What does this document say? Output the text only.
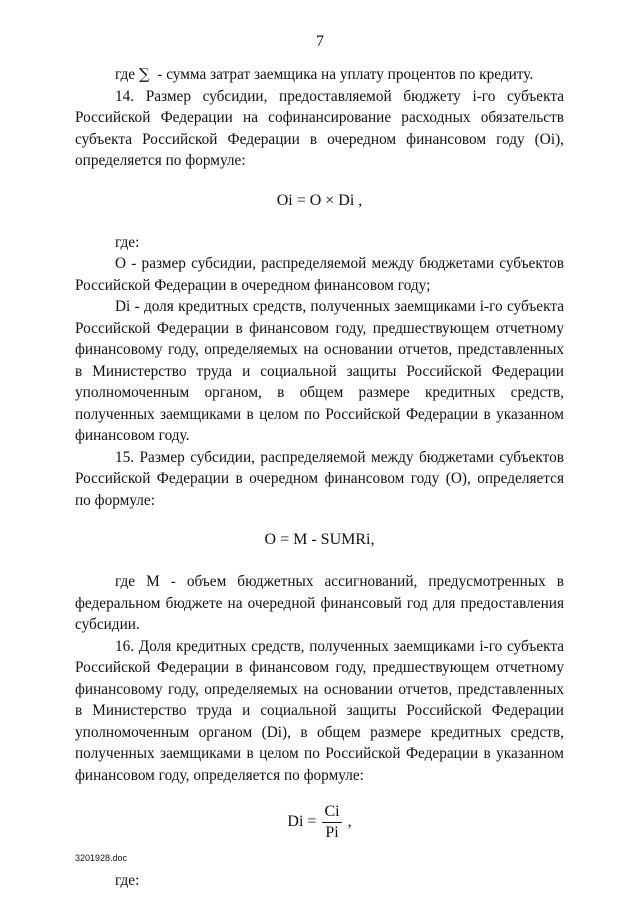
7

где ∑ - сумма затрат заемщика на уплату процентов по кредиту.

14. Размер субсидии, предоставляемой бюджету i-го субъекта Российской Федерации на софинансирование расходных обязательств субъекта Российской Федерации в очередном финансовом году (Oi), определяется по формуле:

Oi = O × Di ,

где:

O - размер субсидии, распределяемой между бюджетами субъектов Российской Федерации в очередном финансовом году;

Di - доля кредитных средств, полученных заемщиками i-го субъекта Российской Федерации в финансовом году, предшествующем отчетному финансовому году, определяемых на основании отчетов, представленных в Министерство труда и социальной защиты Российской Федерации уполномоченным органом, в общем размере кредитных средств, полученных заемщиками в целом по Российской Федерации в указанном финансовом году.

15. Размер субсидии, распределяемой между бюджетами субъектов Российской Федерации в очередном финансовом году (O), определяется по формуле:

O = M - SUMRi,

где M - объем бюджетных ассигнований, предусмотренных в федеральном бюджете на очередной финансовый год для предоставления субсидии.

16. Доля кредитных средств, полученных заемщиками i-го субъекта Российской Федерации в финансовом году, предшествующем отчетному финансовому году, определяемых на основании отчетов, представленных в Министерство труда и социальной защиты Российской Федерации уполномоченным органом (Di), в общем размере кредитных средств, полученных заемщиками в целом по Российской Федерации в указанном финансовом году, определяется по формуле:

$Di = \frac{Ci}{Pi}$ ,

где:

3201928.doc
